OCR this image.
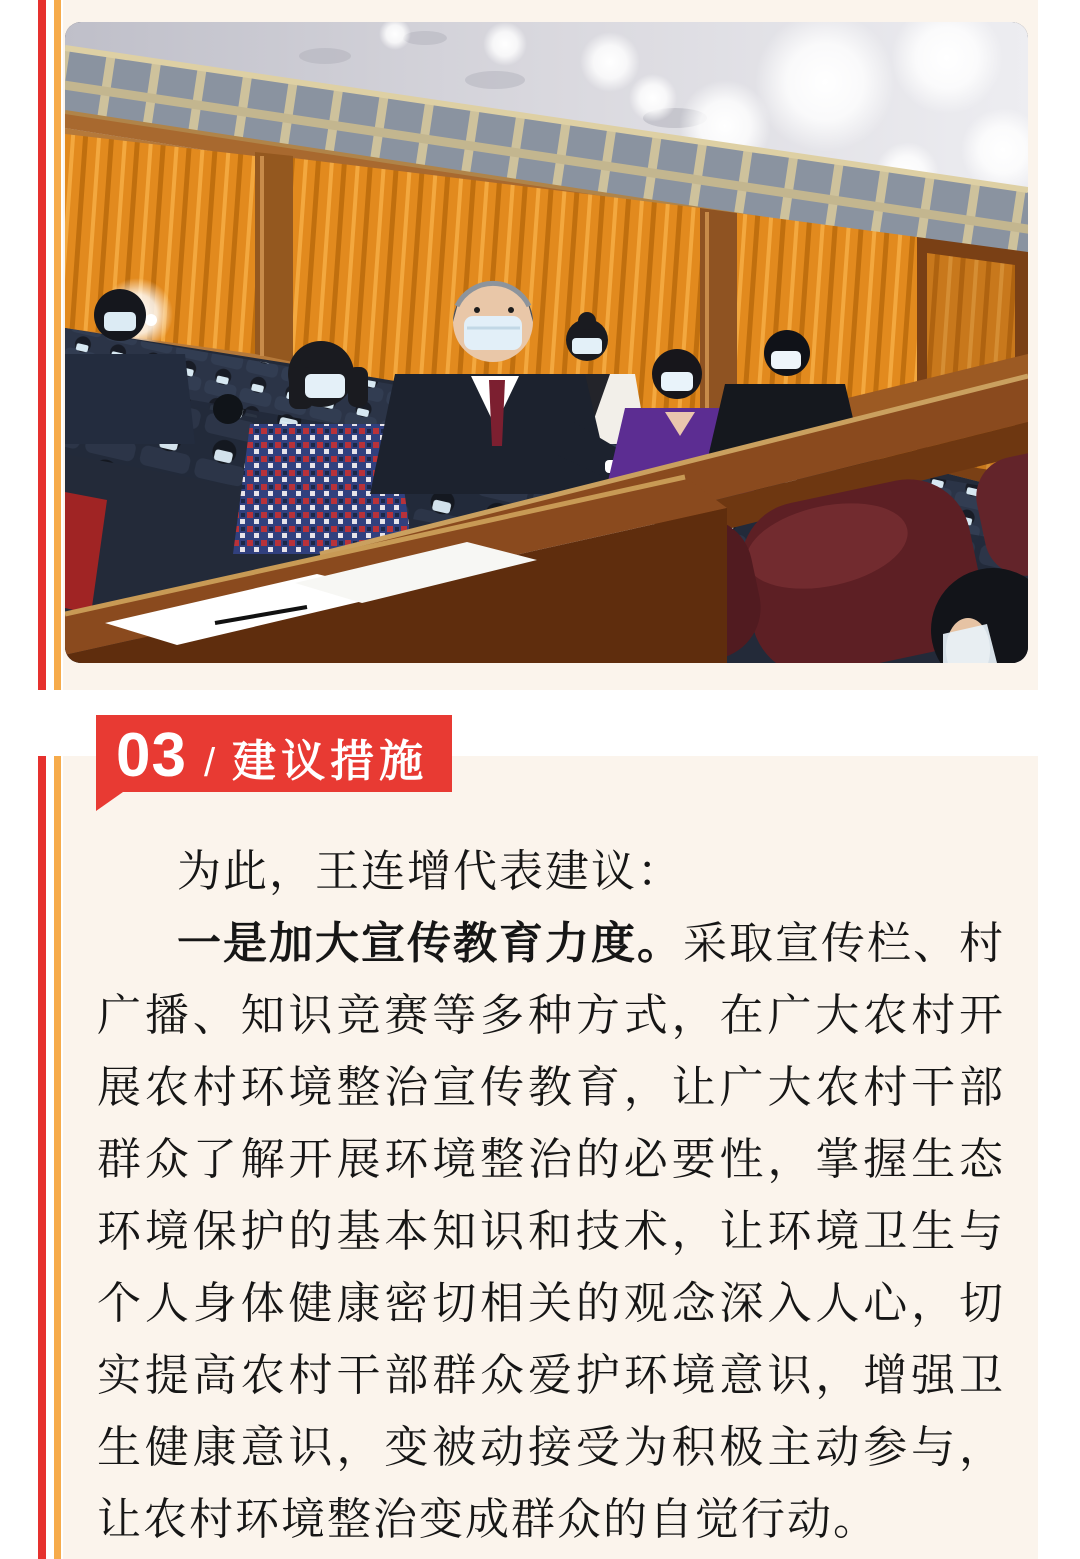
03 / 建议措施

为此，王连增代表建议：

一是加大宣传教育力度。采取宣传栏、村广播、知识竞赛等多种方式，在广大农村开展农村环境整治宣传教育，让广大农村干部群众了解开展环境整治的必要性，掌握生态环境保护的基本知识和技术，让环境卫生与个人身体健康密切相关的观念深入人心，切实提高农村干部群众爱护环境意识，增强卫生健康意识，变被动接受为积极主动参与，让农村环境整治变成群众的自觉行动。
